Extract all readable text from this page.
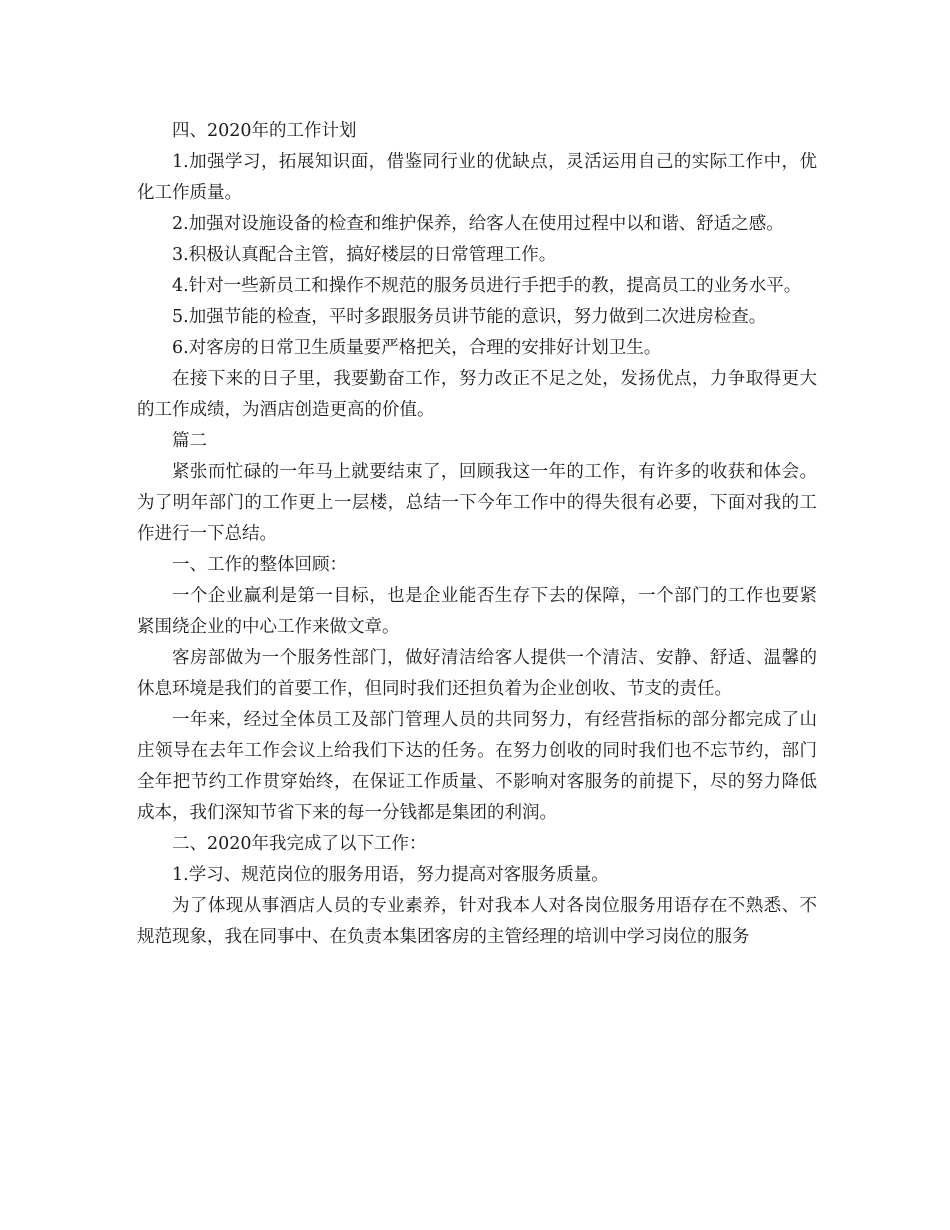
四、2020年的工作计划

1.加强学习，拓展知识面，借鉴同行业的优缺点，灵活运用自己的实际工作中，优化工作质量。

2.加强对设施设备的检查和维护保养，给客人在使用过程中以和谐、舒适之感。

3.积极认真配合主管，搞好楼层的日常管理工作。

4.针对一些新员工和操作不规范的服务员进行手把手的教，提高员工的业务水平。

5.加强节能的检查，平时多跟服务员讲节能的意识，努力做到二次进房检查。

6.对客房的日常卫生质量要严格把关，合理的安排好计划卫生。

在接下来的日子里，我要勤奋工作，努力改正不足之处，发扬优点，力争取得更大的工作成绩，为酒店创造更高的价值。

篇二

紧张而忙碌的一年马上就要结束了，回顾我这一年的工作，有许多的收获和体会。为了明年部门的工作更上一层楼，总结一下今年工作中的得失很有必要，下面对我的工作进行一下总结。

一、工作的整体回顾：

一个企业赢利是第一目标，也是企业能否生存下去的保障，一个部门的工作也要紧紧围绕企业的中心工作来做文章。

客房部做为一个服务性部门，做好清洁给客人提供一个清洁、安静、舒适、温馨的休息环境是我们的首要工作，但同时我们还担负着为企业创收、节支的责任。

一年来，经过全体员工及部门管理人员的共同努力，有经营指标的部分都完成了山庄领导在去年工作会议上给我们下达的任务。在努力创收的同时我们也不忘节约，部门全年把节约工作贯穿始终，在保证工作质量、不影响对客服务的前提下，尽的努力降低成本，我们深知节省下来的每一分钱都是集团的利润。

二、2020年我完成了以下工作：

1.学习、规范岗位的服务用语，努力提高对客服务质量。

为了体现从事酒店人员的专业素养，针对我本人对各岗位服务用语存在不熟悉、不规范现象，我在同事中、在负责本集团客房的主管经理的培训中学习岗位的服务
